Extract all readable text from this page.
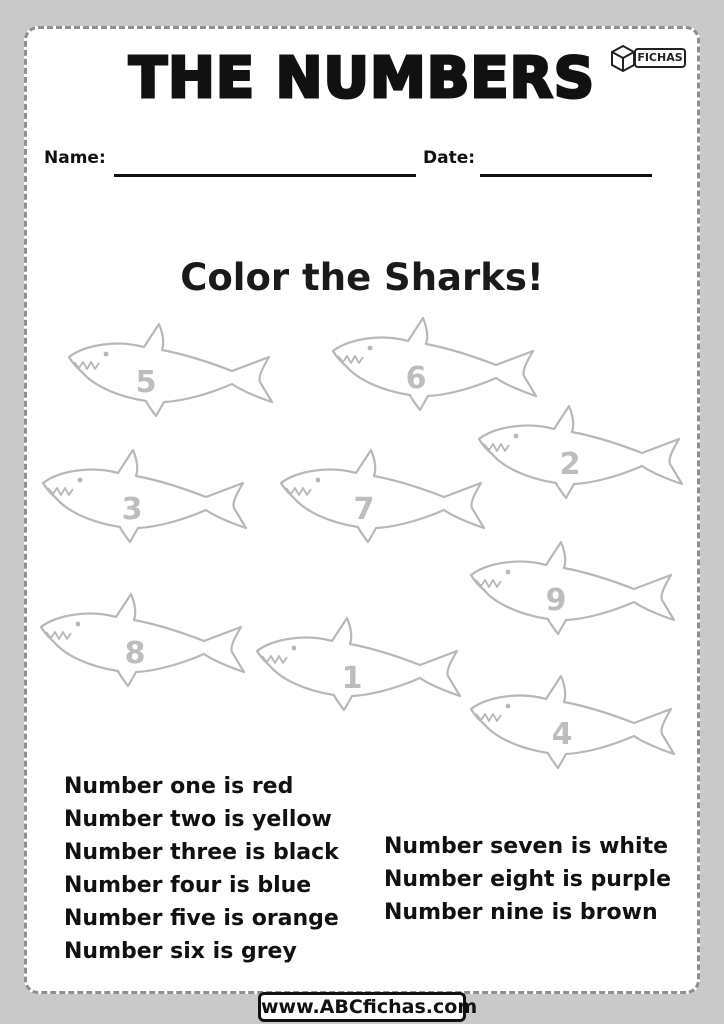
THE NUMBERS	FICHAS
Name:	Date:
Color the Sharks!
5	6
2
3	7
9
8
1
4
Number one is red
Number two is yellow
Number three is black
Number four is blue
Number five is orange
Number six is grey
Number seven is white
Number eight is purple
Number nine is brown
www.ABCfichas.com
